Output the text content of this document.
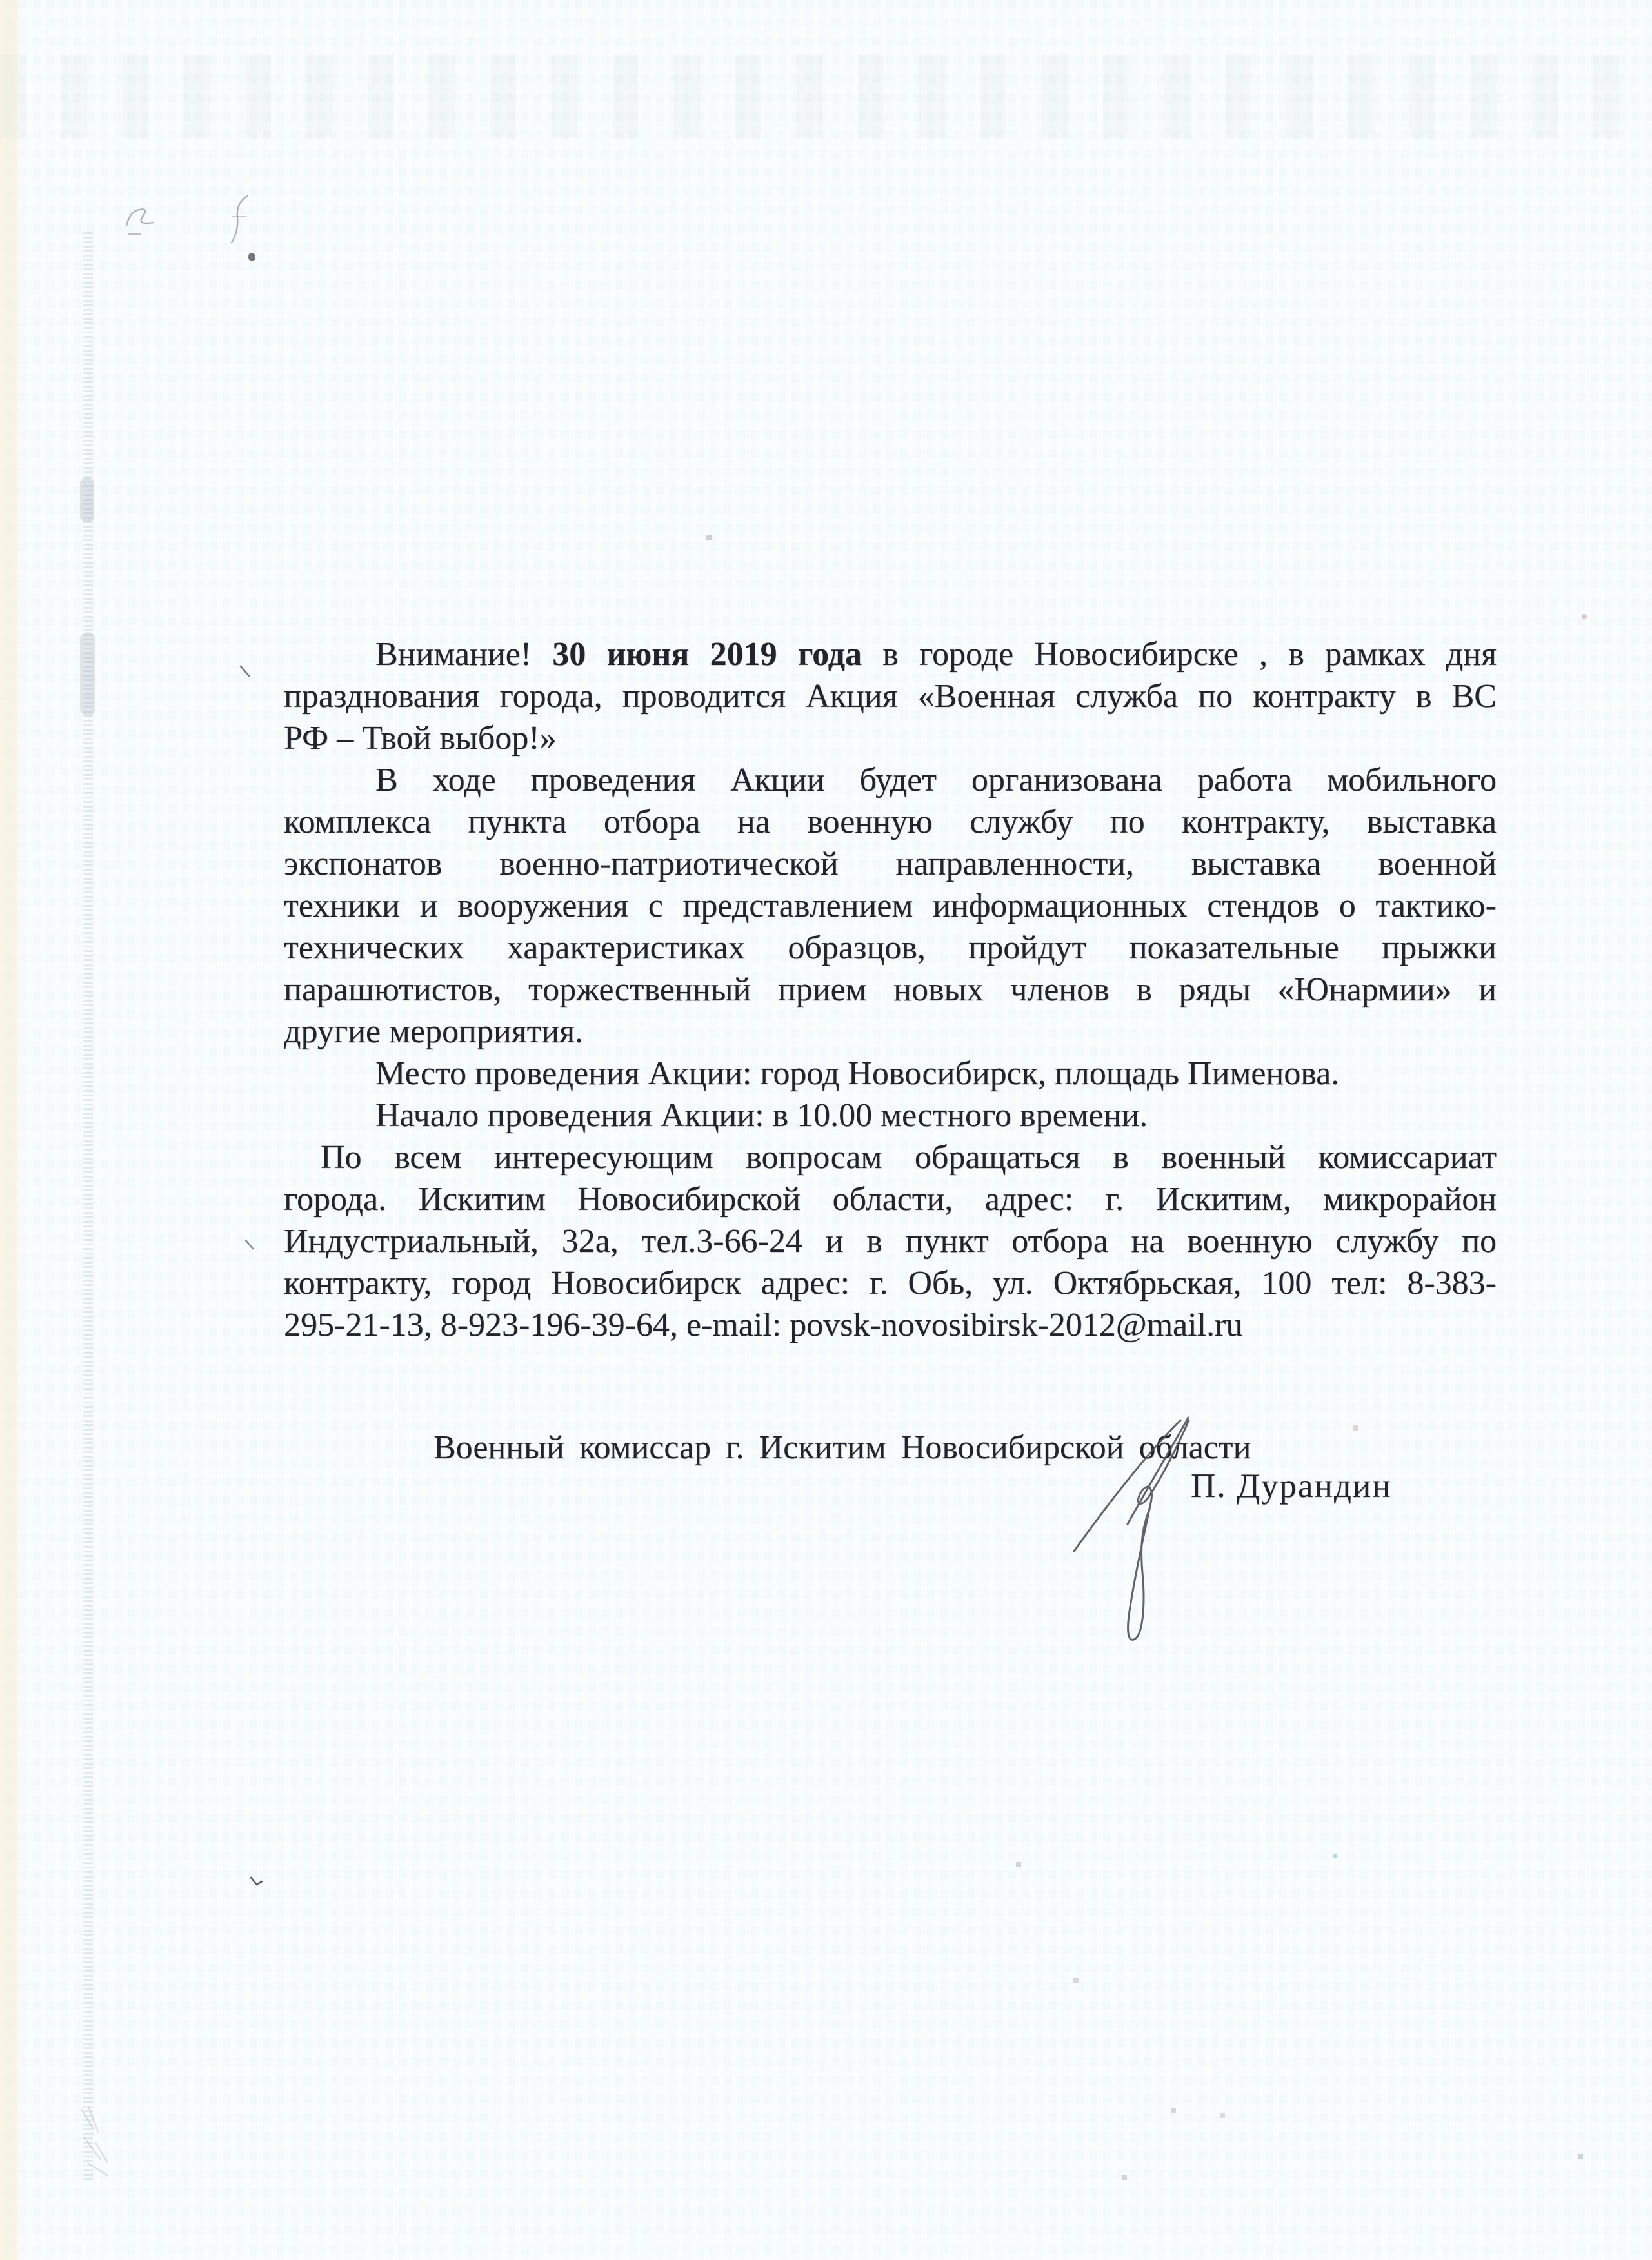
Внимание! 30 июня 2019 года в городе Новосибирске , в рамках дня
празднования города, проводится Акция «Военная служба по контракту в ВС
РФ – Твой выбор!»
В ходе проведения Акции будет организована работа мобильного
комплекса пункта отбора на военную службу по контракту, выставка
экспонатов военно-патриотической направленности, выставка военной
техники и вооружения с представлением информационных стендов о тактико-
технических характеристиках образцов, пройдут показательные прыжки
парашютистов, торжественный прием новых членов в ряды «Юнармии» и
другие мероприятия.
Место проведения Акции: город Новосибирск, площадь Пименова.
Начало проведения Акции: в 10.00 местного времени.
По всем интересующим вопросам обращаться в военный комиссариат
города. Искитим Новосибирской области, адрес: г. Искитим, микрорайон
Индустриальный, 32а, тел.3-66-24 и в пункт отбора на военную службу по
контракту, город Новосибирск адрес: г. Обь, ул. Октябрьская, 100 тел: 8-383-
295-21-13, 8-923-196-39-64, e-mail: povsk-novosibirsk-2012@mail.ru
Военный комиссар г. Искитим Новосибирской области
П. Дурандин
